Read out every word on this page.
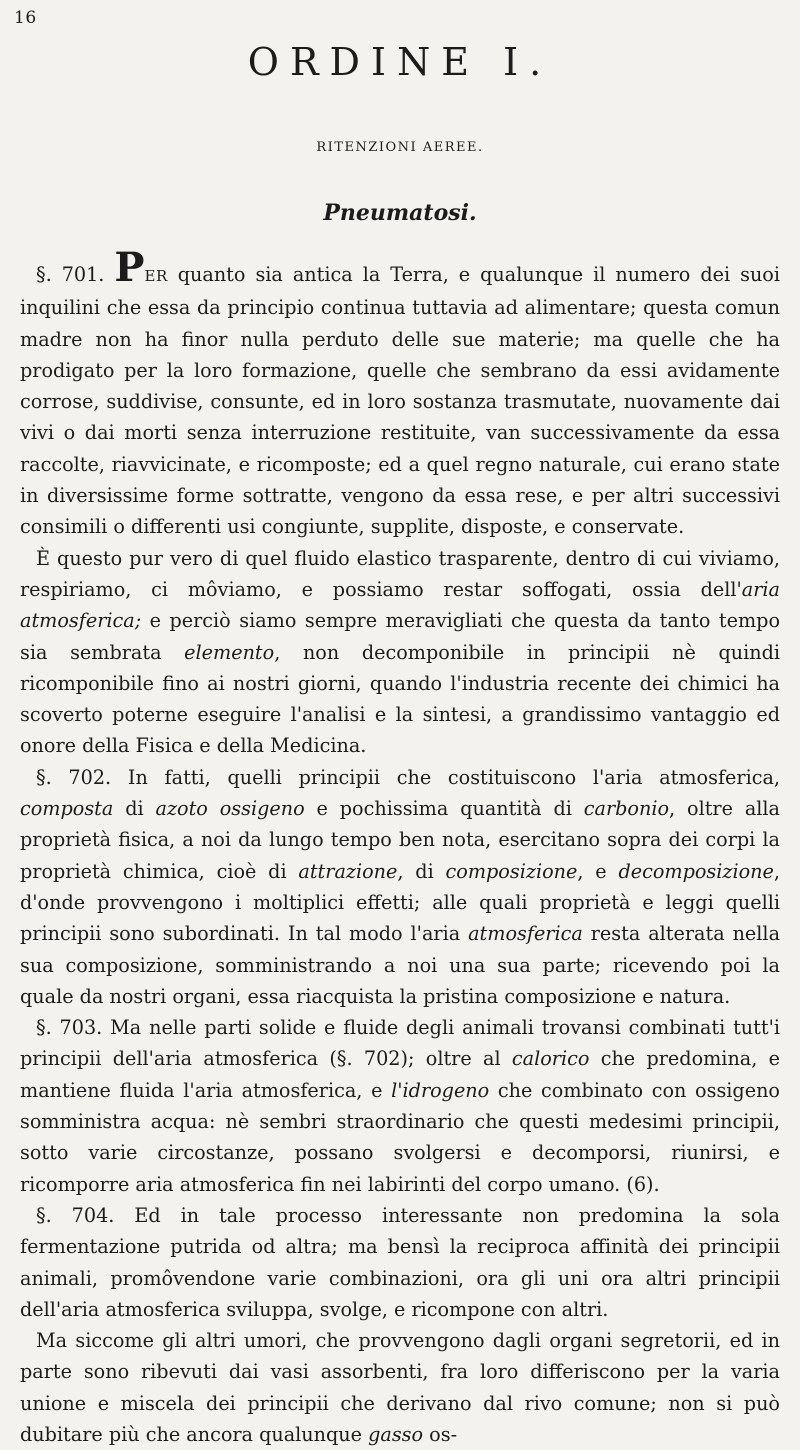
16
ORDINE I.
RITENZIONI AEREE.
Pneumatosi.

§. 701. PER quanto sia antica la Terra, e qualunque il numero dei suoi inquilini che essa da principio continua tuttavia ad alimentare; questa comun madre non ha finor nulla perduto delle sue materie; ma quelle che ha prodigato per la loro formazione, quelle che sembrano da essi avidamente corrose, suddivise, consunte, ed in loro sostanza trasmutate, nuovamente dai vivi o dai morti senza interruzione restituite, van successivamente da essa raccolte, riavvicinate, e ricomposte; ed a quel regno naturale, cui erano state in diversissime forme sottratte, vengono da essa rese, e per altri successivi consimili o differenti usi congiunte, supplite, disposte, e conservate.

È questo pur vero di quel fluido elastico trasparente, dentro di cui viviamo, respiriamo, ci môviamo, e possiamo restar soffogati, ossia dell'aria atmosferica; e perciò siamo sempre meravigliati che questa da tanto tempo sia sembrata elemento, non decomponibile in principii nè quindi ricomponibile fino ai nostri giorni, quando l'industria recente dei chimici ha scoverto poterne eseguire l'analisi e la sintesi, a grandissimo vantaggio ed onore della Fisica e della Medicina.

§. 702. In fatti, quelli principii che costituiscono l'aria atmosferica, composta di azoto ossigeno e pochissima quantità di carbonio, oltre alla proprietà fisica, a noi da lungo tempo ben nota, esercitano sopra dei corpi la proprietà chimica, cioè di attrazione, di composizione, e decomposizione, d'onde provvengono i moltiplici effetti; alle quali proprietà e leggi quelli principii sono subordinati. In tal modo l'aria atmosferica resta alterata nella sua composizione, somministrando a noi una sua parte; ricevendo poi la quale da nostri organi, essa riacquista la pristina composizione e natura.

§. 703. Ma nelle parti solide e fluide degli animali trovansi combinati tutt'i principii dell'aria atmosferica (§. 702); oltre al calorico che predomina, e mantiene fluida l'aria atmosferica, e l'idrogeno che combinato con ossigeno somministra acqua: nè sembri straordinario che questi medesimi principii, sotto varie circostanze, possano svolgersi e decomporsi, riunirsi, e ricomporre aria atmosferica fin nei labirinti del corpo umano. (6).

§. 704. Ed in tale processo interessante non predomina la sola fermentazione putrida od altra; ma bensì la reciproca affinità dei principii animali, promôvendone varie combinazioni, ora gli uni ora altri principii dell'aria atmosferica sviluppa, svolge, e ricompone con altri.

Ma siccome gli altri umori, che provvengono dagli organi segretorii, ed in parte sono ribevuti dai vasi assorbenti, fra loro differiscono per la varia unione e miscela dei principii che derivano dal rivo comune; non si può dubitare più che ancora qualunque gasso os-
